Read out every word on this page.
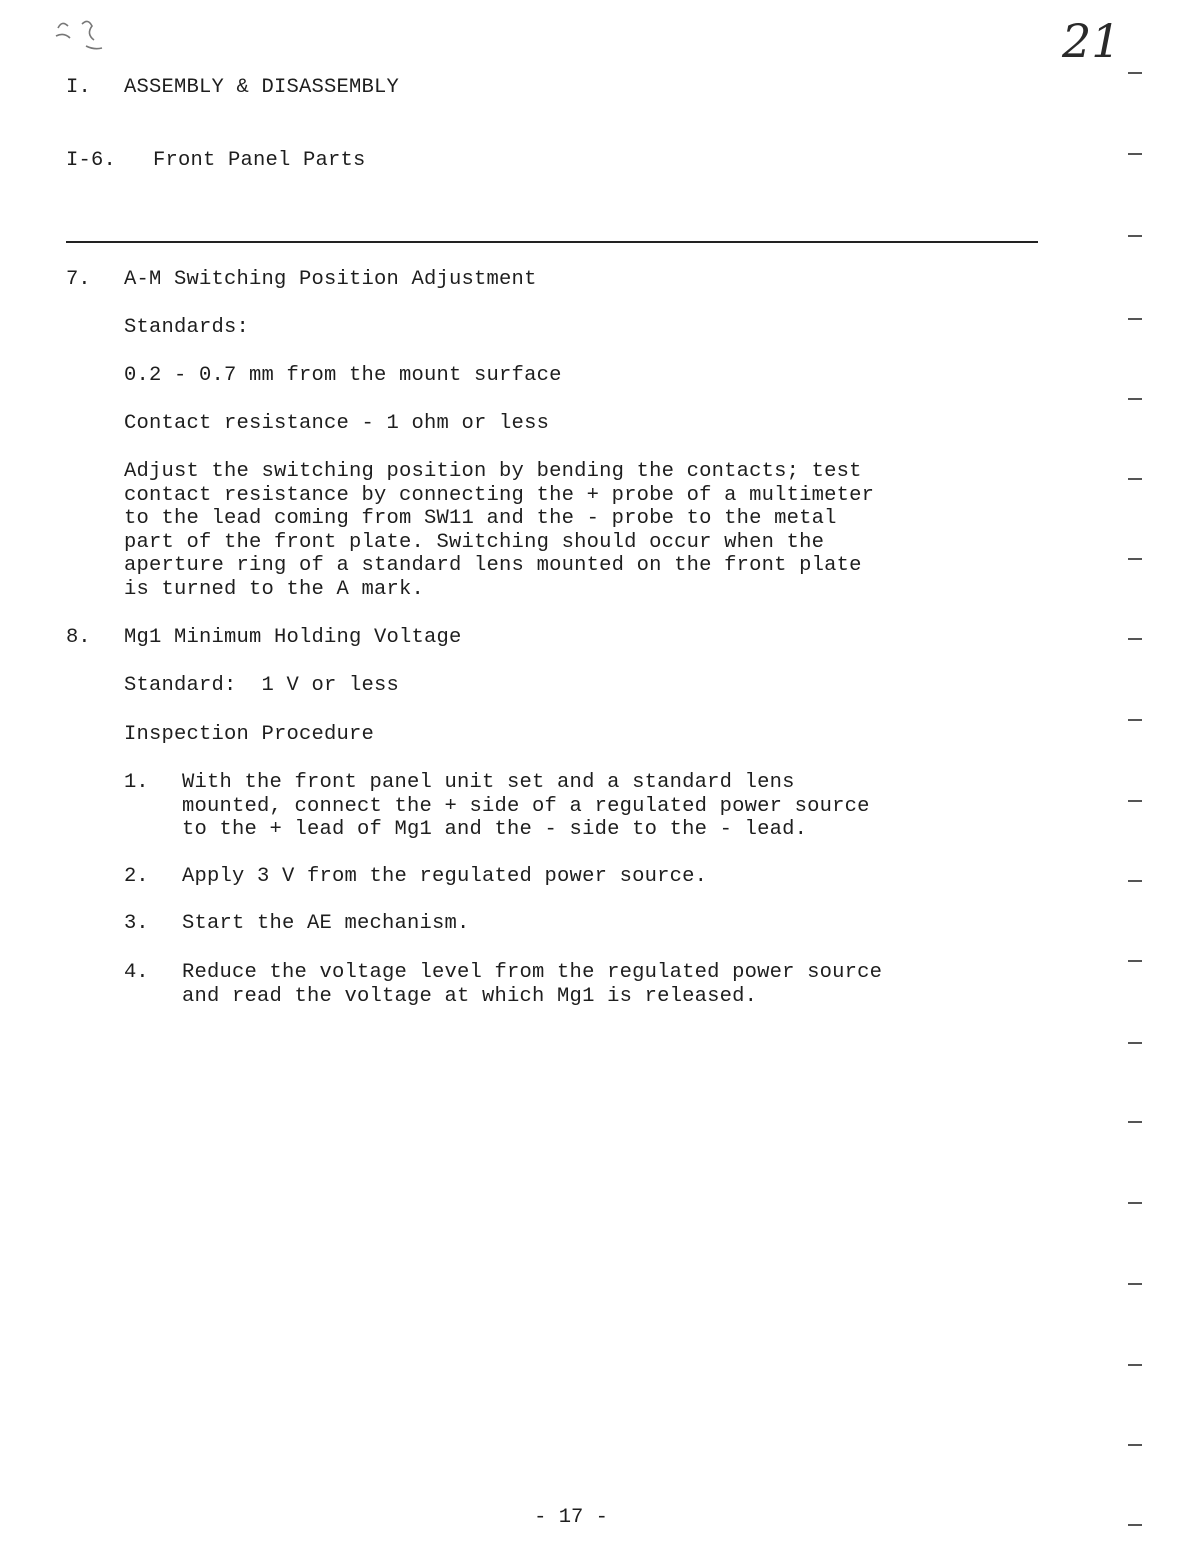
21
I. ASSEMBLY & DISASSEMBLY
I-6. Front Panel Parts
7. A-M Switching Position Adjustment
Standards:
0.2 - 0.7 mm from the mount surface
Contact resistance - 1 ohm or less
Adjust the switching position by bending the contacts; test
contact resistance by connecting the + probe of a multimeter
to the lead coming from SW11 and the - probe to the metal
part of the front plate. Switching should occur when the
aperture ring of a standard lens mounted on the front plate
is turned to the A mark.
8. Mg1 Minimum Holding Voltage
Standard:  1 V or less
Inspection Procedure
1. With the front panel unit set and a standard lens
mounted, connect the + side of a regulated power source
to the + lead of Mg1 and the - side to the - lead.
2. Apply 3 V from the regulated power source.
3. Start the AE mechanism.
4. Reduce the voltage level from the regulated power source
and read the voltage at which Mg1 is released.
- 17 -
